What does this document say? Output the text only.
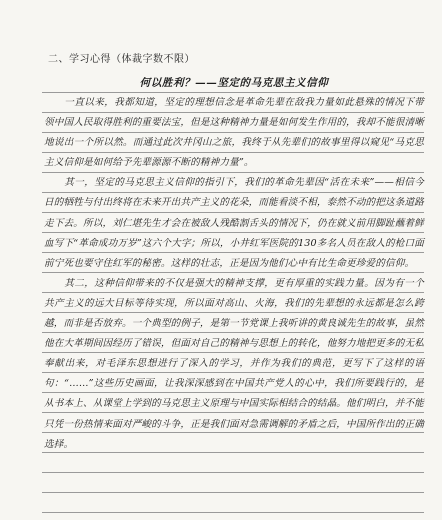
二、学习心得（体裁字数不限）
何以胜利？——坚定的马克思主义信仰

一直以来，我都知道，坚定的理想信念是革命先辈在敌我力量如此悬殊的情况下带领中国人民取得胜利的重要法宝，但是这种精神力量是如何发生作用的，我却不能很清晰地说出一个所以然。而通过此次井冈山之旅，我终于从先辈们的故事里得以窥见“马克思主义信仰是如何给予先辈源源不断的精神力量”。

其一，坚定的马克思主义信仰的指引下，我们的革命先辈因“活在未来”——相信今日的牺牲与付出终将在未来开出共产主义的花朵，而能看淡不相，泰然不动的把这条道路走下去。所以，刘仁堪先生才会在被敌人残酷割舌头的情况下，仍在就义前用脚趾蘸着鲜血写下“革命成功万岁”这六个大字；所以，小井红军医院的130多名人员在敌人的枪口面前宁死也要守住红军的秘密。这样的壮志，正是因为他们心中有比生命更珍爱的信仰。

其二，这种信仰带来的不仅是强大的精神支撑，更有厚重的实践力量。因为有一个共产主义的远大目标等待实现，所以面对高山、火海，我们的先辈想的永远都是怎么跨越，而非是否放弃。一个典型的例子，是第一节党课上我听讲的黄良诚先生的故事，虽然他在大革期间因经历了错误，但面对自己的精神与思想上的转化，他努力地把更多的无私奉献出来，对毛泽东思想进行了深入的学习，并作为我们的典范，更写下了这样的语句：“……”这些历史画面，让我深深感到在中国共产党人的心中，我们所要践行的，是从书本上、从课堂上学到的马克思主义原理与中国实际相结合的结晶。他们明白，并不能只凭一份热情来面对严峻的斗争，正是我们面对急需调解的矛盾之后，中国所作出的正确选择。
